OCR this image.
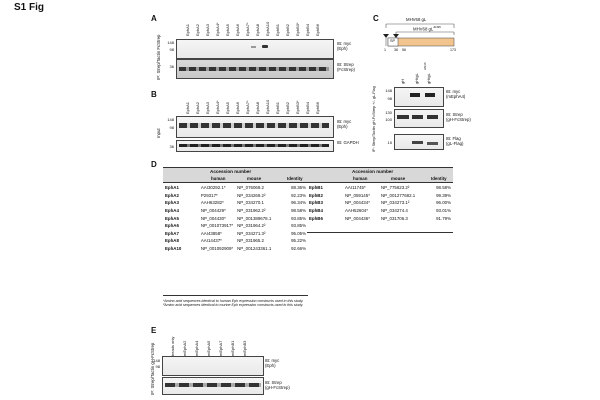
S1 Fig
A
EphA1 EphA2 EphA3 EphA4* EphA5 EphA6 EphA7* EphA8 EphA10 EphB1 EphB2 EphB3* EphB4 EphB6
IP: Strep/Tactin FcStrep	148
98
36
IB: myc
(Eph)
IB: Strep
(FcStrep)
B
EphA1 EphA2 EphA3 EphA4* EphA5 EphA6 EphA7* EphA8 EphA10 EphB1 EphB2 EphB3* EphB4 EphB6
Input
148
98
36
IB: myc
(Eph)
IB: GAPDH
C	MHV68 gL
MHV68 $gL^{\Delta N36}$
SP
1 36 56	173
gH gH/gL gH/gL
ΔN36
IP: Strep/Tactin gH-FcStrep +/- gL-Flag	148
98
130
100
15
IB: myc
(mEphA4)
IB: Strep
(gH-FcStrep)
IB: Flag
(gL-Flag)
D
Accession number
human	mouse	Identity
EphA1	AAI30292.1*	NP_076069.2	88.36%
EphA2	P29317*	NP_034269.2²	92.23%
EphA3	AAH63282*	NP_034270.1	96.34%
EphA4	NP_004429*	NP_031962.2²	98.58%
EphA5	NP_004430*	NP_001389678.1	93.85%
EphA6	NP_001073917*	NP_031964.2²	93.85%
EphA7	AAI43858*	NP_034271.3²	95.05%
EphA8	AAI14437*	NP_031965.2	95.22%
EphA10	NP_001092909*	NP_001243361.1	92.66%
*Amino acid sequences identical to human Eph expression constructs used in this study.
²Amino acid sequences identical to murine Eph expression constructs used in this study.
Accession number
human	mouse	Identity
EphB1	AAI11745*	NP_775623.2²	98.58%
EphB2	NP_059145*	NP_001277682.1	99.39%
EphB3	NP_004434*	NP_034273.1²	96.00%
EphB4	AAH52604*	NP_034274.4	93.01%
EphB6	NP_004436*	NP_031706.3	91.79%
E
beads only mEphA2 mEphA4 mEphA5 mEphA7 mEphB1 mEphB3
IP: Strep/Tactin gH-FcStrep
148
98
IB: myc
(Eph)
IB: Strep
(gH-FcStrep)
